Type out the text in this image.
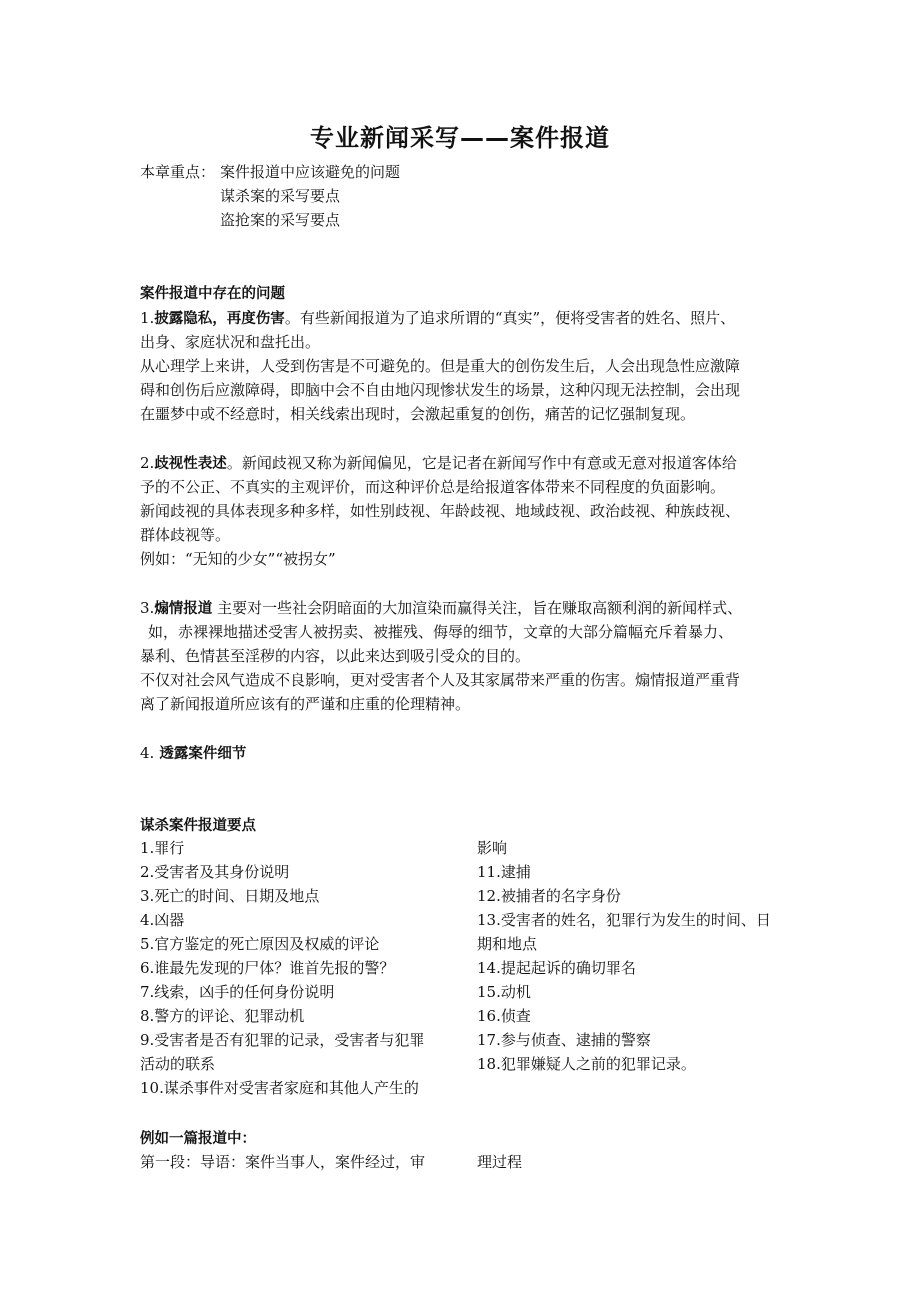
专业新闻采写——案件报道
本章重点： 案件报道中应该避免的问题
谋杀案的采写要点
盗抢案的采写要点
案件报道中存在的问题
1.披露隐私，再度伤害。有些新闻报道为了追求所谓的“真实”，便将受害者的姓名、照片、
出身、家庭状况和盘托出。
从心理学上来讲，人受到伤害是不可避免的。但是重大的创伤发生后，人会出现急性应激障
碍和创伤后应激障碍，即脑中会不自由地闪现惨状发生的场景，这种闪现无法控制，会出现
在噩梦中或不经意时，相关线索出现时，会激起重复的创伤，痛苦的记忆强制复现。
2.歧视性表述。新闻歧视又称为新闻偏见，它是记者在新闻写作中有意或无意对报道客体给
予的不公正、不真实的主观评价，而这种评价总是给报道客体带来不同程度的负面影响。
新闻歧视的具体表现多种多样，如性别歧视、年龄歧视、地域歧视、政治歧视、种族歧视、
群体歧视等。
例如：“无知的少女”“被拐女”
3.煽情报道 主要对一些社会阴暗面的大加渲染而赢得关注，旨在赚取高额利润的新闻样式、
如，赤裸裸地描述受害人被拐卖、被摧残、侮辱的细节，文章的大部分篇幅充斥着暴力、
暴利、色情甚至淫秽的内容，以此来达到吸引受众的目的。
不仅对社会风气造成不良影响，更对受害者个人及其家属带来严重的伤害。煽情报道严重背
离了新闻报道所应该有的严谨和庄重的伦理精神。
4. 透露案件细节
谋杀案件报道要点
1.罪行
2.受害者及其身份说明
3.死亡的时间、日期及地点
4.凶器
5.官方鉴定的死亡原因及权威的评论
6.谁最先发现的尸体？谁首先报的警？
7.线索，凶手的任何身份说明
8.警方的评论、犯罪动机
9.受害者是否有犯罪的记录，受害者与犯罪
活动的联系
10.谋杀事件对受害者家庭和其他人产生的
影响
11.逮捕
12.被捕者的名字身份
13.受害者的姓名，犯罪行为发生的时间、日
期和地点
14.提起起诉的确切罪名
15.动机
16.侦查
17.参与侦查、逮捕的警察
18.犯罪嫌疑人之前的犯罪记录。
例如一篇报道中：
第一段：导语：案件当事人，案件经过，审	理过程
